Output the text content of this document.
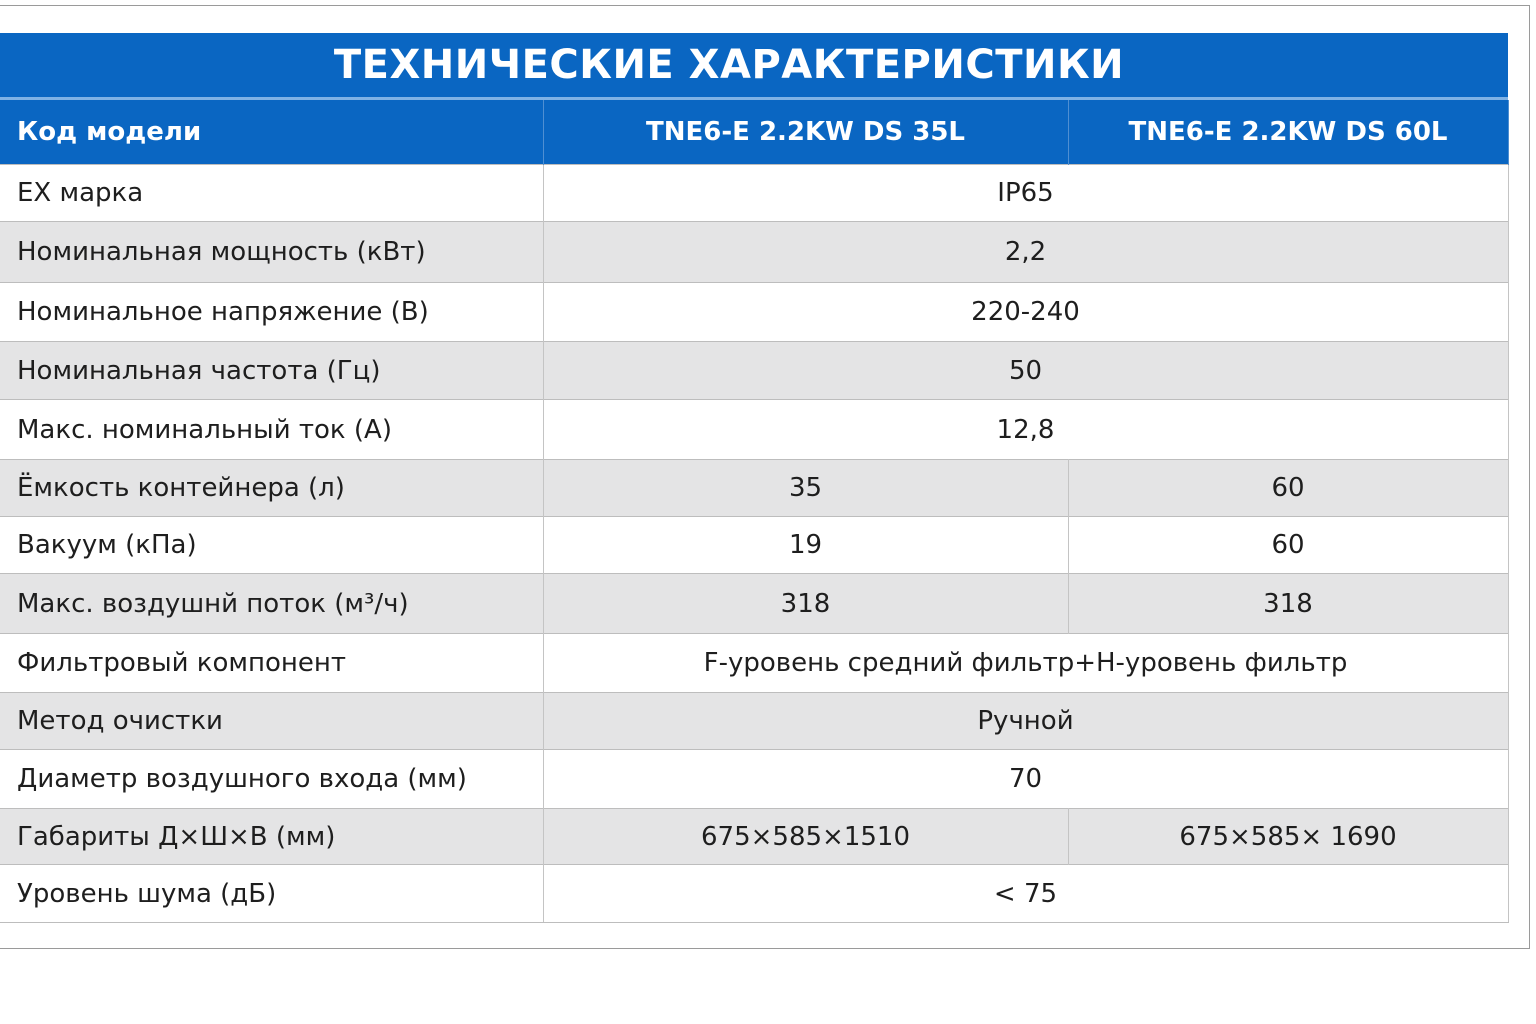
ТЕХНИЧЕСКИЕ ХАРАКТЕРИСТИКИ
Код модели	TNE6-E 2.2KW DS 35L	TNE6-E 2.2KW DS 60L
EX марка	IP65	
Номинальная мощность (кВт)	2,2	
Номинальное напряжение (В)	220-240	
Номинальная частота (Гц)	50	
Макс. номинальный ток (А)	12,8	
Ёмкость контейнера (л)	35	60
Вакуум (кПа)	19	60
Макс. воздушнй поток (м³/ч)	318	318
Фильтровый компонент	F-уровень средний фильтр+H-уровень фильтр	
Метод очистки	Ручной	
Диаметр воздушного входа (мм)	70	
Габариты Д×Ш×В (мм)	675×585×1510	675×585× 1690
Уровень шума (дБ)	< 75	
